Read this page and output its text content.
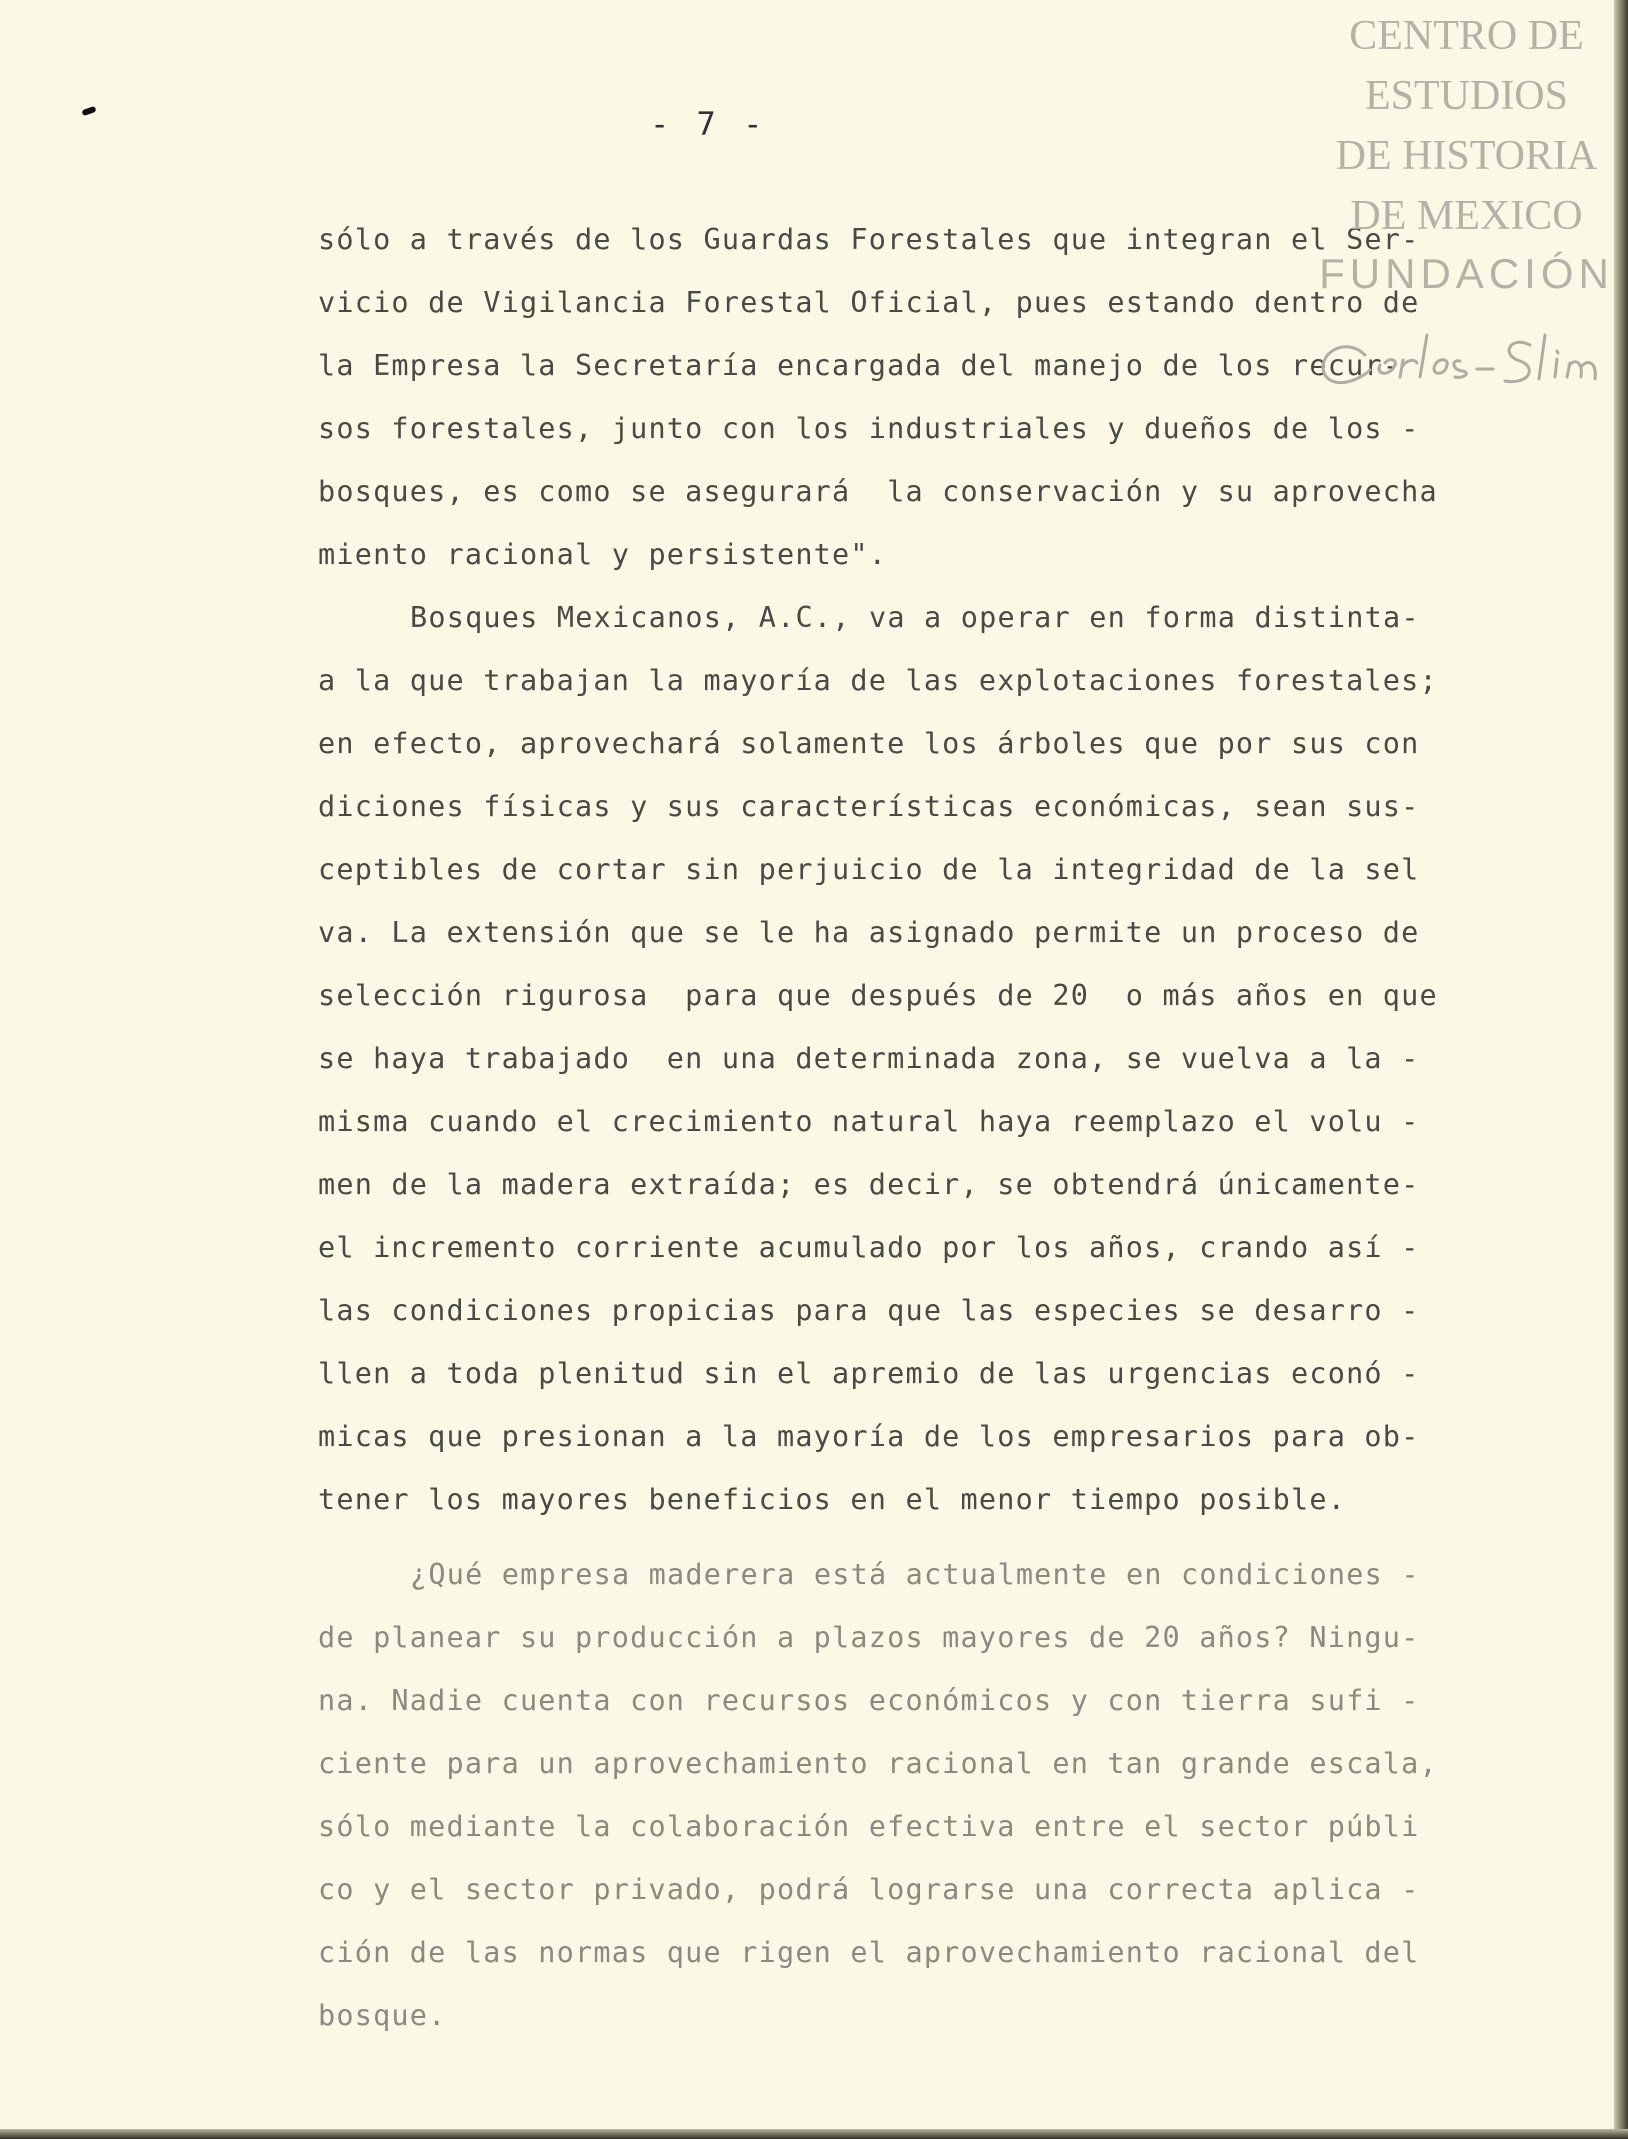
- 7 -
sólo a través de los Guardas Forestales que integran el Ser-
vicio de Vigilancia Forestal Oficial, pues estando dentro de
la Empresa la Secretaría encargada del manejo de los recur-
sos forestales, junto con los industriales y dueños de los -
bosques, es como se asegurará  la conservación y su aprovecha
miento racional y persistente".
Bosques Mexicanos, A.C., va a operar en forma distinta-
a la que trabajan la mayoría de las explotaciones forestales;
en efecto, aprovechará solamente los árboles que por sus con
diciones físicas y sus características económicas, sean sus-
ceptibles de cortar sin perjuicio de la integridad de la sel
va. La extensión que se le ha asignado permite un proceso de
selección rigurosa  para que después de 20  o más años en que
se haya trabajado  en una determinada zona, se vuelva a la -
misma cuando el crecimiento natural haya reemplazo el volu -
men de la madera extraída; es decir, se obtendrá únicamente-
el incremento corriente acumulado por los años, crando así -
las condiciones propicias para que las especies se desarro -
llen a toda plenitud sin el apremio de las urgencias econó -
micas que presionan a la mayoría de los empresarios para ob-
tener los mayores beneficios en el menor tiempo posible.
¿Qué empresa maderera está actualmente en condiciones -
de planear su producción a plazos mayores de 20 años? Ningu-
na. Nadie cuenta con recursos económicos y con tierra sufi -
ciente para un aprovechamiento racional en tan grande escala,
sólo mediante la colaboración efectiva entre el sector públi
co y el sector privado, podrá lograrse una correcta aplica -
ción de las normas que rigen el aprovechamiento racional del
bosque.
CENTRO DE
ESTUDIOS
DE HISTORIA
DE MEXICO
FUNDACIÓN
